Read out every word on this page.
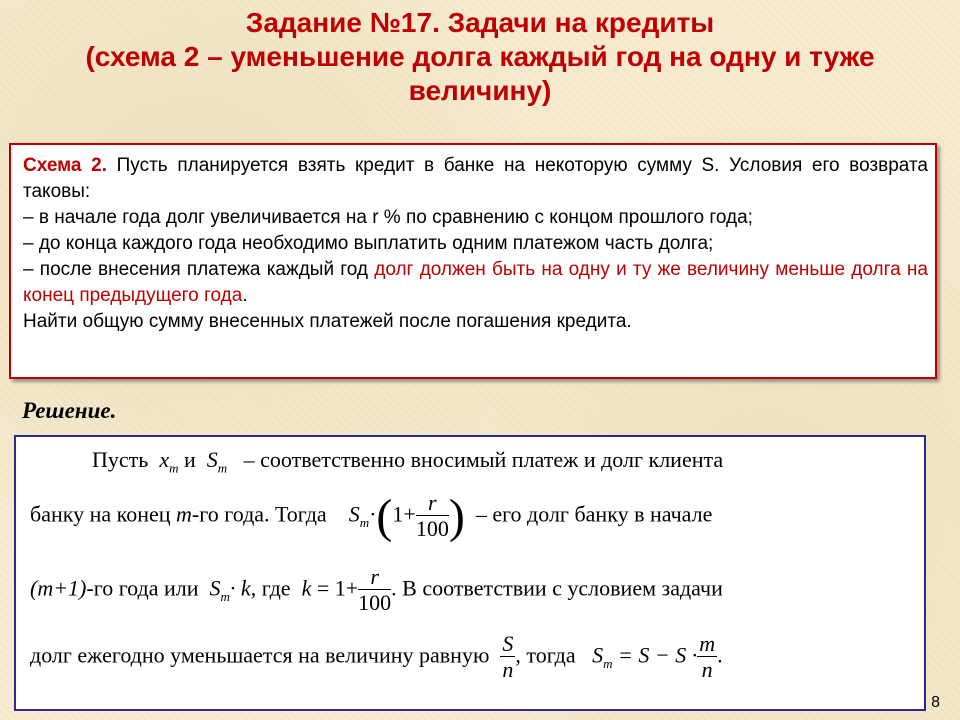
Задание №17. Задачи на кредиты
(схема 2 – уменьшение долга каждый год на одну и туже
величину)

Схема 2. Пусть планируется взять кредит в банке на некоторую сумму S. Условия его возврата таковы:

– в начале года долг увеличивается на r % по сравнению с концом прошлого года;

– до конца каждого года необходимо выплатить одним платежом часть долга;

– после внесения платежа каждый год долг должен быть на одну и ту же величину меньше долга на конец предыдущего года.

Найти общую сумму внесенных платежей после погашения кредита.

Решение.
Пусть $x_m$ и $S_m$ – соответственно вносимый платеж и долг клиента
банку на конец m-го года. Тогда $S_m\cdot(1+ \frac{r}{100}$ ) – его долг банку в начале
(m+1)-го года или $S_m\cdot k$, где $k = 1+ \frac{r}{100}$ . В соответствии с условием задачи
долг ежегодно уменьшается на величину равную $\frac{S}{n}$ , тогда $S_m = S - S \cdot \frac{m}{n}$ .
8
